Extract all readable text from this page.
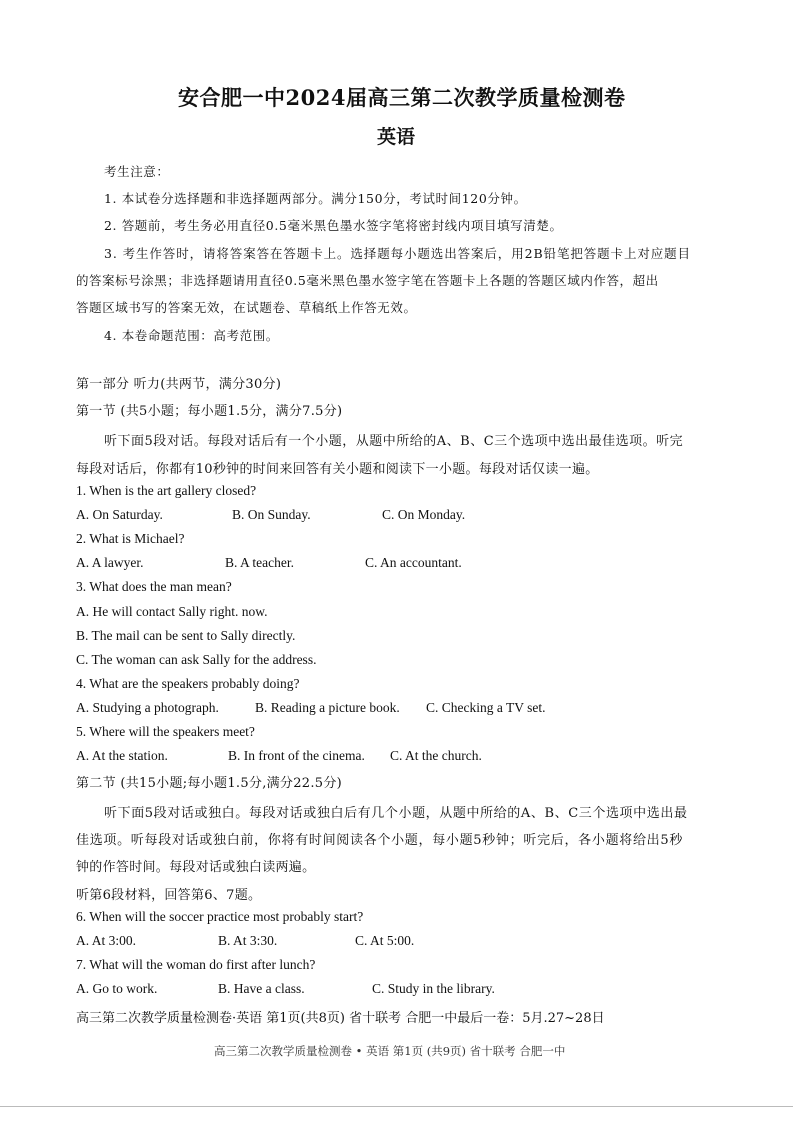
安合肥一中2024届高三第二次教学质量检测卷
英语
考生注意：
1. 本试卷分选择题和非选择题两部分。满分150分，考试时间120分钟。
2. 答题前，考生务必用直径0.5毫米黑色墨水签字笔将密封线内项目填写清楚。
3. 考生作答时，请将答案答在答题卡上。选择题每小题选出答案后，用2B铅笔把答题卡上对应题目
的答案标号涂黑；非选择题请用直径0.5毫米黑色墨水签字笔在答题卡上各题的答题区域内作答，超出
答题区域书写的答案无效，在试题卷、草稿纸上作答无效。
4. 本卷命题范围：高考范围。
第一部分 听力(共两节，满分30分)
第一节 (共5小题；每小题1.5分，满分7.5分)
听下面5段对话。每段对话后有一个小题，从题中所给的A、B、C三个选项中选出最佳选项。听完
每段对话后，你都有10秒钟的时间来回答有关小题和阅读下一小题。每段对话仅读一遍。
1. When is the art gallery closed?
A. On Saturday.	B. On Sunday.	C. On Monday.
2. What is Michael?
A. A lawyer.	B. A teacher.	C. An accountant.
3. What does the man mean?
A. He will contact Sally right. now.
B. The mail can be sent to Sally directly.
C. The woman can ask Sally for the address.
4. What are the speakers probably doing?
A. Studying a photograph.	B. Reading a picture book. C. Checking a TV set.
5. Where will the speakers meet?
A. At the station.	B. In front of the cinema. C. At the church.
第二节 (共15小题;每小题1.5分,满分22.5分)
听下面5段对话或独白。每段对话或独白后有几个小题，从题中所给的A、B、C三个选项中选出最
佳选项。听每段对话或独白前，你将有时间阅读各个小题，每小题5秒钟；听完后，各小题将给出5秒
钟的作答时间。每段对话或独白读两遍。
听第6段材料，回答第6、7题。
6. When will the soccer practice most probably start?
A. At 3:00.	B. At 3:30.	C. At 5:00.
7. What will the woman do first after lunch?
A. Go to work.	B. Have a class.	C. Study in the library.
高三第二次教学质量检测卷·英语 第1页(共8页) 省十联考 合肥一中最后一卷：5月.27~28日
高三第二次教学质量检测卷 • 英语 第1页 (共9页) 省十联考 合肥一中
